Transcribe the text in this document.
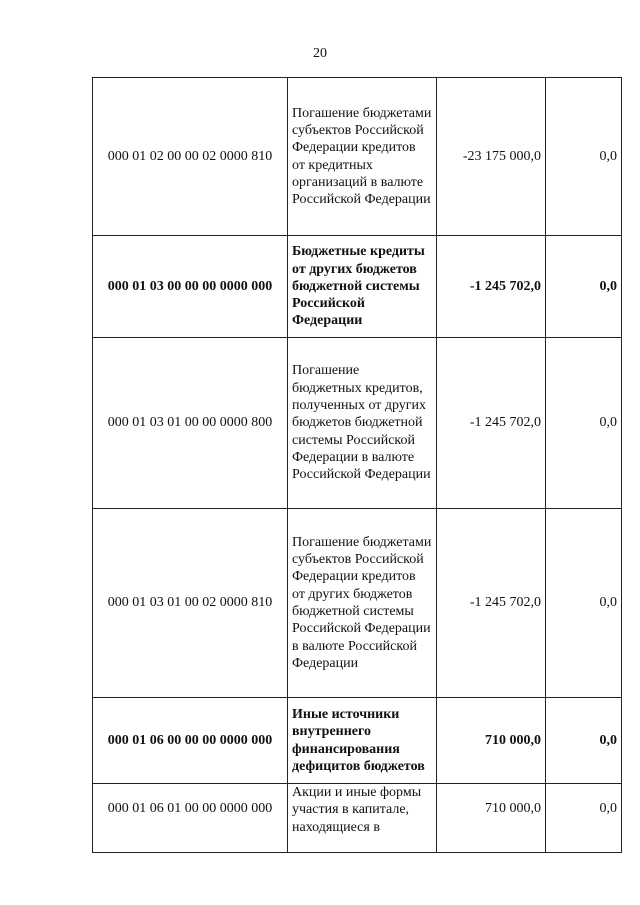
20
000 01 02 00 00 02 0000 810	Погашение бюджетами субъектов Российской Федерации кредитов от кредитных организаций в валюте Российской Федерации	-23 175 000,0	0,0
000 01 03 00 00 00 0000 000	Бюджетные кредиты от других бюджетов бюджетной системы Российской Федерации	-1 245 702,0	0,0
000 01 03 01 00 00 0000 800	Погашение бюджетных кредитов, полученных от других бюджетов бюджетной системы Российской Федерации в валюте Российской Федерации	-1 245 702,0	0,0
000 01 03 01 00 02 0000 810	Погашение бюджетами субъектов Российской Федерации кредитов от других бюджетов бюджетной системы Российской Федерации в валюте Российской Федерации	-1 245 702,0	0,0
000 01 06 00 00 00 0000 000	Иные источники внутреннего финансирования дефицитов бюджетов	710 000,0	0,0
000 01 06 01 00 00 0000 000	Акции и иные формы участия в капитале, находящиеся в	710 000,0	0,0
